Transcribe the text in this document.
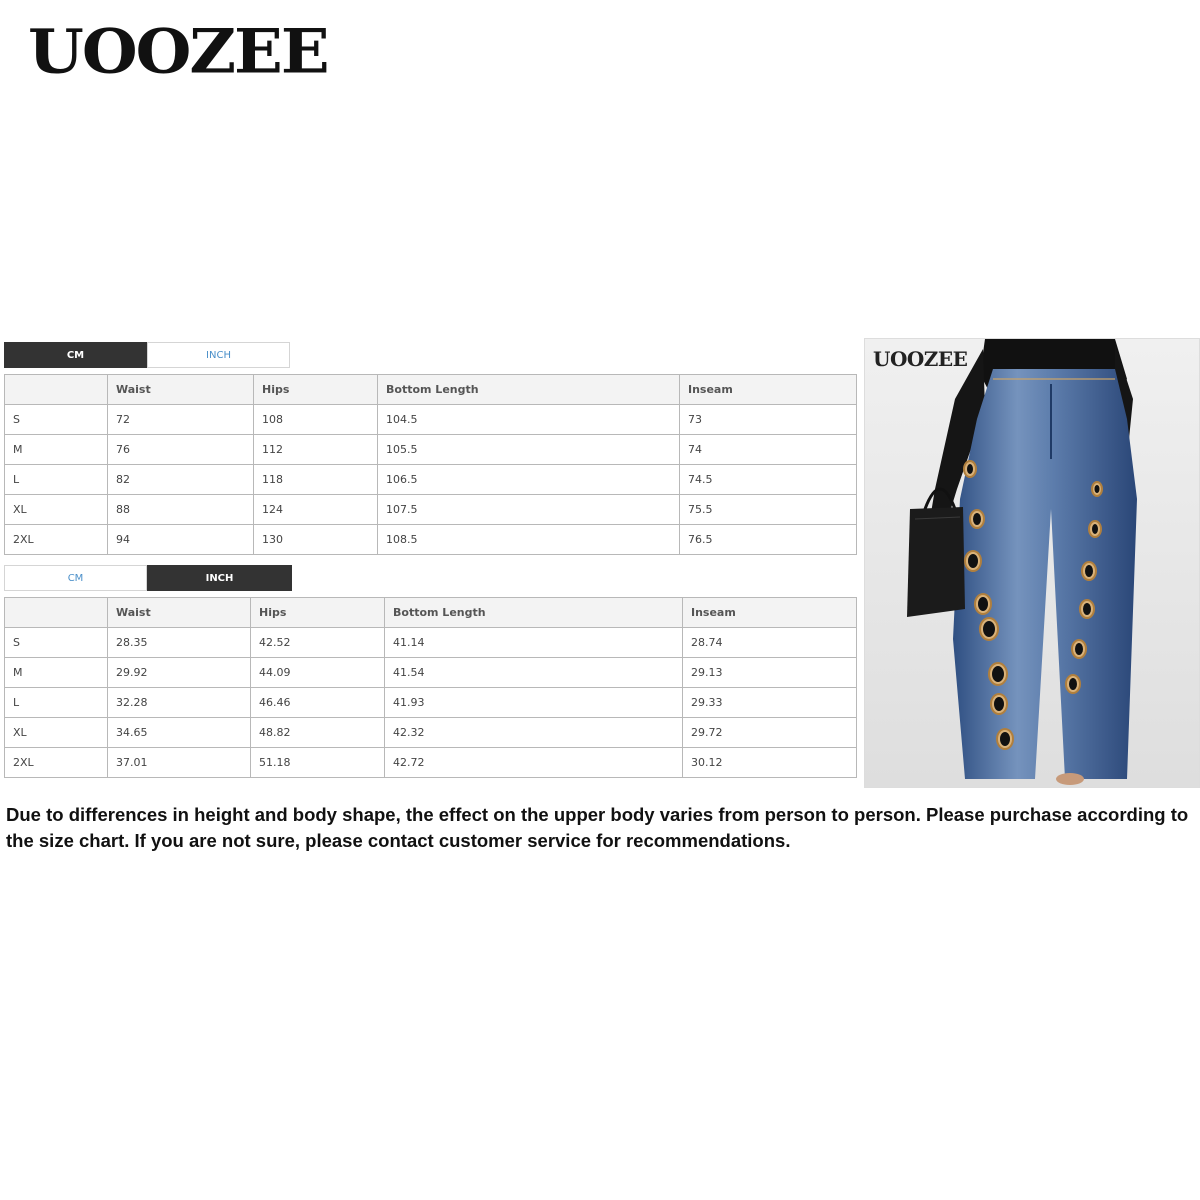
UOOZEE
CM	INCH
	Waist	Hips	Bottom Length	Inseam
S	72	108	104.5	73
M	76	112	105.5	74
L	82	118	106.5	74.5
XL	88	124	107.5	75.5
2XL	94	130	108.5	76.5
CM	INCH
	Waist	Hips	Bottom Length	Inseam
S	28.35	42.52	41.14	28.74
M	29.92	44.09	41.54	29.13
L	32.28	46.46	41.93	29.33
XL	34.65	48.82	42.32	29.72
2XL	37.01	51.18	42.72	30.12
UOOZEE
Due to differences in height and body shape, the effect on the upper body varies from person to person. Please purchase according to the size chart. If you are not sure, please contact customer service for recommendations.
